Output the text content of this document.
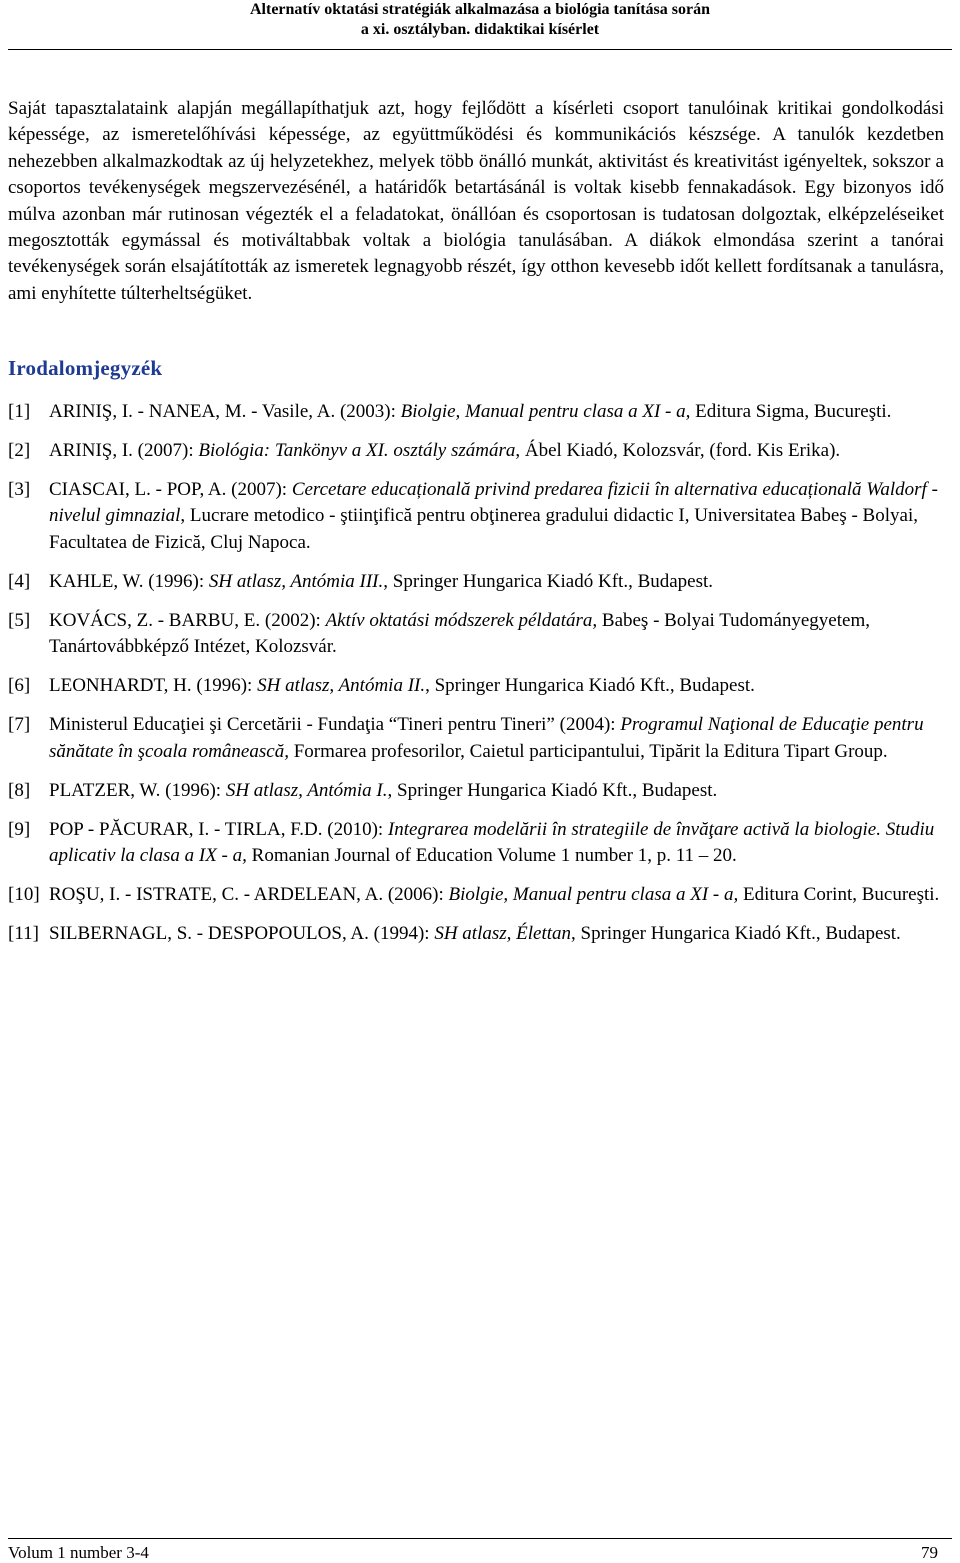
Alternatív oktatási stratégiák alkalmazása a biológia tanítása során
a xi. osztályban. didaktikai kísérlet
Saját tapasztalataink alapján megállapíthatjuk azt, hogy fejlődött a kísérleti csoport tanulóinak kritikai gondolkodási képessége, az ismeretelőhívási képessége, az együttműködési és kommunikációs készsége. A tanulók kezdetben nehezebben alkalmazkodtak az új helyzetekhez, melyek több önálló munkát, aktivitást és kreativitást igényeltek, sokszor a csoportos tevékenységek megszervezésénél, a határidők betartásánál is voltak kisebb fennakadások. Egy bizonyos idő múlva azonban már rutinosan végezték el a feladatokat, önállóan és csoportosan is tudatosan dolgoztak, elképzeléseiket megosztották egymással és motiváltabbak voltak a biológia tanulásában. A diákok elmondása szerint a tanórai tevékenységek során elsajátították az ismeretek legnagyobb részét, így otthon kevesebb időt kellett fordítsanak a tanulásra, ami enyhítette túlterheltségüket.
Irodalomjegyzék
[1] ARINIŞ, I. - NANEA, M. - Vasile, A. (2003): Biolgie, Manual pentru clasa a XI - a, Editura Sigma, Bucureşti.
[2] ARINIŞ, I. (2007): Biológia: Tankönyv a XI. osztály számára, Ábel Kiadó, Kolozsvár, (ford. Kis Erika).
[3] CIASCAI, L. - POP, A. (2007): Cercetare educațională privind predarea fizicii în alternativa educațională Waldorf - nivelul gimnazial, Lucrare metodico - ştiinţifică pentru obţinerea gradului didactic I, Universitatea Babeş - Bolyai, Facultatea de Fizică, Cluj Napoca.
[4] KAHLE, W. (1996): SH atlasz, Antómia III., Springer Hungarica Kiadó Kft., Budapest.
[5] KOVÁCS, Z. - BARBU, E. (2002): Aktív oktatási módszerek példatára, Babeş - Bolyai Tudományegyetem, Tanártovábbképző Intézet, Kolozsvár.
[6] LEONHARDT, H. (1996): SH atlasz, Antómia II., Springer Hungarica Kiadó Kft., Budapest.
[7] Ministerul Educaţiei şi Cercetării - Fundaţia “Tineri pentru Tineri” (2004): Programul Naţional de Educaţie pentru sănătate în şcoala românească, Formarea profesorilor, Caietul participantului, Tipărit la Editura Tipart Group.
[8] PLATZER, W. (1996): SH atlasz, Antómia I., Springer Hungarica Kiadó Kft., Budapest.
[9] POP - PĂCURAR, I. - TIRLA, F.D. (2010): Integrarea modelării în strategiile de învăţare activă la biologie. Studiu aplicativ la clasa a IX - a, Romanian Journal of Education Volume 1 number 1, p. 11 – 20.
[10] ROŞU, I. - ISTRATE, C. - ARDELEAN, A. (2006): Biolgie, Manual pentru clasa a XI - a, Editura Corint, Bucureşti.
[11] SILBERNAGL, S. - DESPOPOULOS, A. (1994): SH atlasz, Élettan, Springer Hungarica Kiadó Kft., Budapest.
Volum 1 number 3-4	79
